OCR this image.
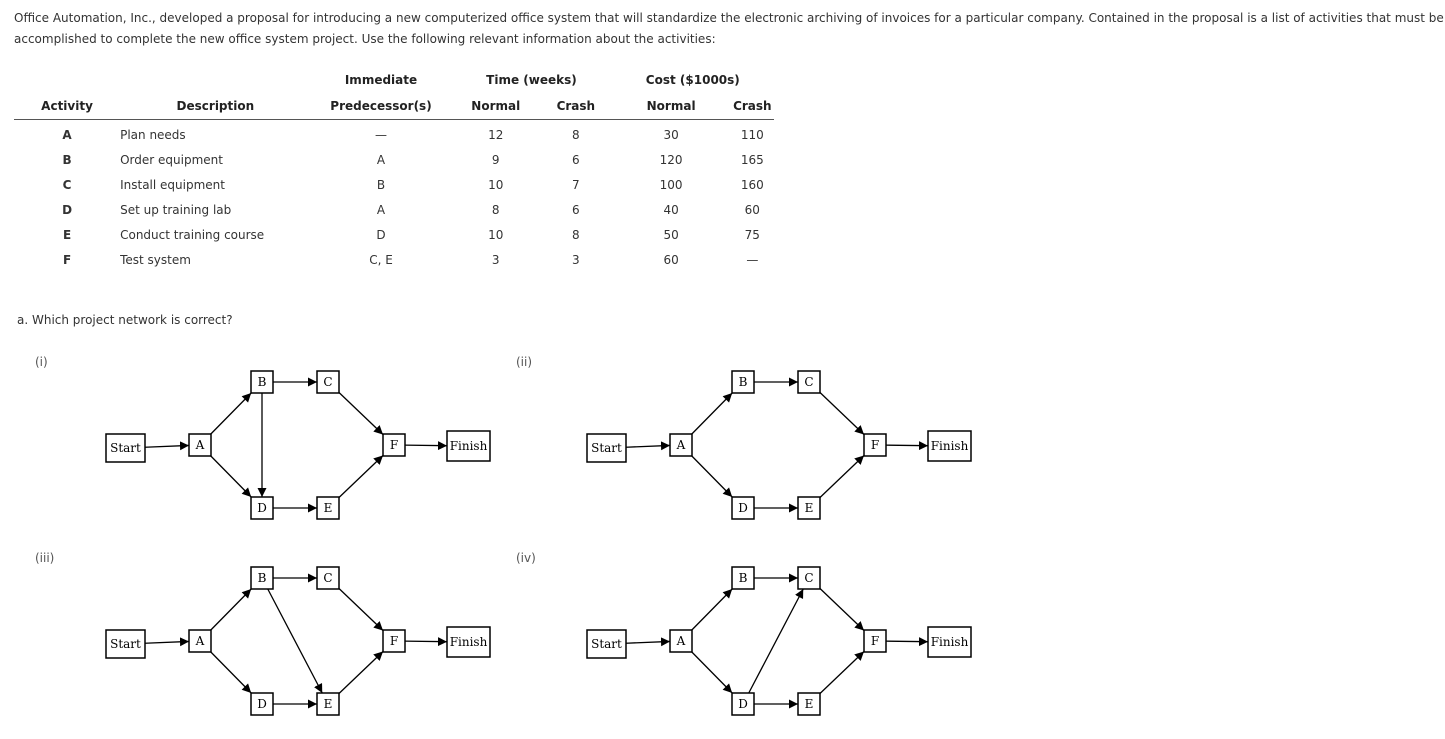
Office Automation, Inc., developed a proposal for introducing a new computerized office system that will standardize the electronic archiving of invoices for a particular company. Contained in the proposal is a list of activities that must be

accomplished to complete the new office system project. Use the following relevant information about the activities:

		Immediate	Time (weeks)		Cost ($1000s)	
Activity	Description	Predecessor(s)	Normal	Crash	Normal	Crash
A	Plan needs	—	12	8	30	110
B	Order equipment	A	9	6	120	165
C	Install equipment	B	10	7	100	160
D	Set up training lab	A	8	6	40	60
E	Conduct training course	D	10	8	50	75
F	Test system	C, E	3	3	60	—
a. Which project network is correct?
(i)	(ii)
(iii)	(iv)
Start	A
B	C
D	E
F	Finish	Start	A
B	C
D	E
F	Finish
Start	A
B	C
D	E
F	Finish	Start	A
B	C
D	E
F	Finish
